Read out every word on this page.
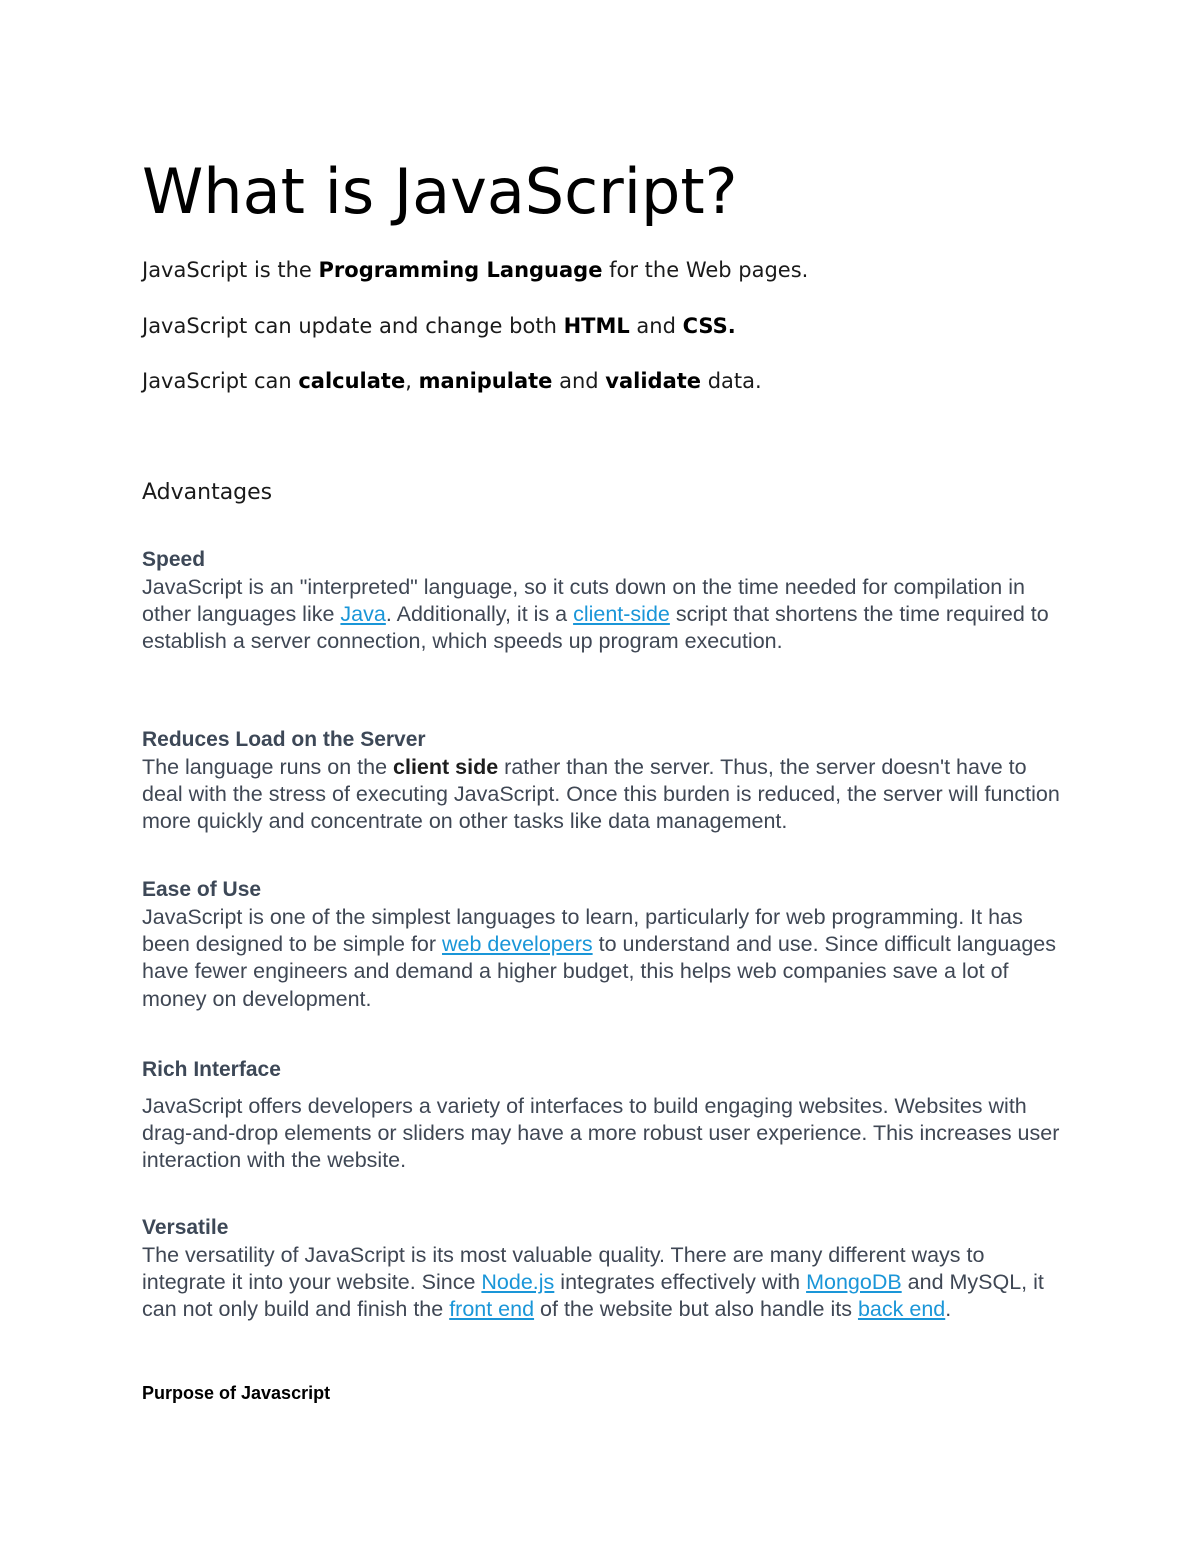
What is JavaScript?

JavaScript is the Programming Language for the Web pages.

JavaScript can update and change both HTML and CSS.

JavaScript can calculate, manipulate and validate data.

Advantages
Speed

JavaScript is an "interpreted" language, so it cuts down on the time needed for compilation in other languages like Java. Additionally, it is a client-side script that shortens the time required to establish a server connection, which speeds up program execution.

Reduces Load on the Server

The language runs on the client side rather than the server. Thus, the server doesn't have to deal with the stress of executing JavaScript. Once this burden is reduced, the server will function more quickly and concentrate on other tasks like data management.

Ease of Use

JavaScript is one of the simplest languages to learn, particularly for web programming. It has been designed to be simple for web developers to understand and use. Since difficult languages have fewer engineers and demand a higher budget, this helps web companies save a lot of money on development.

Rich Interface

JavaScript offers developers a variety of interfaces to build engaging websites. Websites with drag-and-drop elements or sliders may have a more robust user experience. This increases user interaction with the website.

Versatile

The versatility of JavaScript is its most valuable quality. There are many different ways to integrate it into your website. Since Node.js integrates effectively with MongoDB and MySQL, it can not only build and finish the front end of the website but also handle its back end.

Purpose of Javascript
